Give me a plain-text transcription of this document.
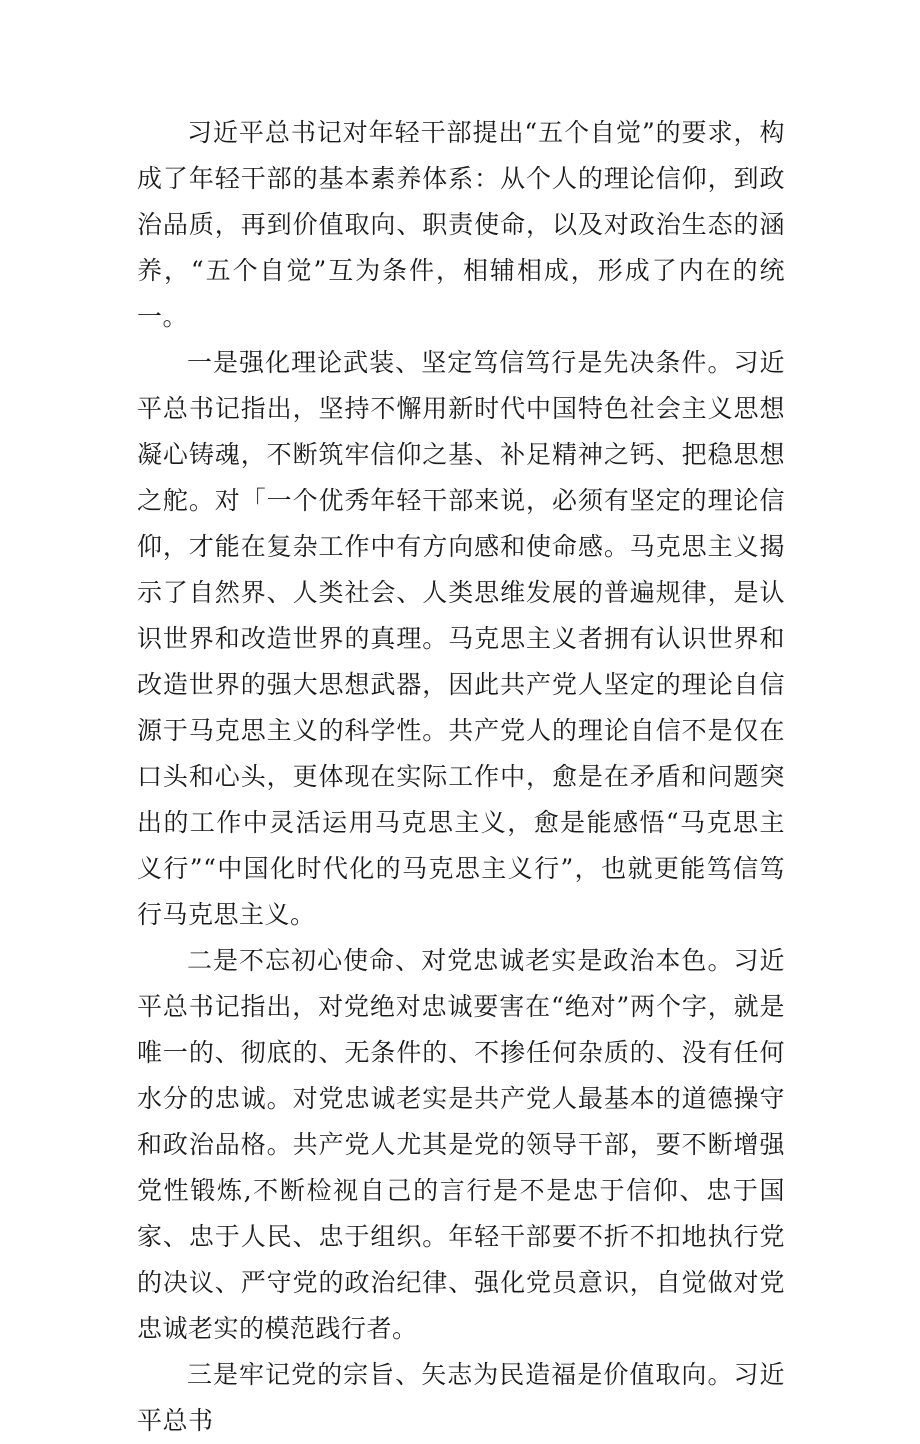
习近平总书记对年轻干部提出“五个自觉”的要求，构成了年轻干部的基本素养体系：从个人的理论信仰，到政治品质，再到价值取向、职责使命，以及对政治生态的涵养，“五个自觉”互为条件，相辅相成，形成了内在的统一。

一是强化理论武装、坚定笃信笃行是先决条件。习近平总书记指出，坚持不懈用新时代中国特色社会主义思想凝心铸魂，不断筑牢信仰之基、补足精神之钙、把稳思想之舵。对「一个优秀年轻干部来说，必须有坚定的理论信仰，才能在复杂工作中有方向感和使命感。马克思主义揭示了自然界、人类社会、人类思维发展的普遍规律，是认识世界和改造世界的真理。马克思主义者拥有认识世界和改造世界的强大思想武器，因此共产党人坚定的理论自信源于马克思主义的科学性。共产党人的理论自信不是仅在口头和心头，更体现在实际工作中，愈是在矛盾和问题突出的工作中灵活运用马克思主义，愈是能感悟“马克思主义行”“中国化时代化的马克思主义行”，也就更能笃信笃行马克思主义。

二是不忘初心使命、对党忠诚老实是政治本色。习近平总书记指出，对党绝对忠诚要害在“绝对”两个字，就是唯一的、彻底的、无条件的、不掺任何杂质的、没有任何水分的忠诚。对党忠诚老实是共产党人最基本的道德操守和政治品格。共产党人尤其是党的领导干部，要不断增强党性锻炼,不断检视自己的言行是不是忠于信仰、忠于国家、忠于人民、忠于组织。年轻干部要不折不扣地执行党的决议、严守党的政治纪律、强化党员意识，自觉做对党忠诚老实的模范践行者。

三是牢记党的宗旨、矢志为民造福是价值取向。习近平总书
